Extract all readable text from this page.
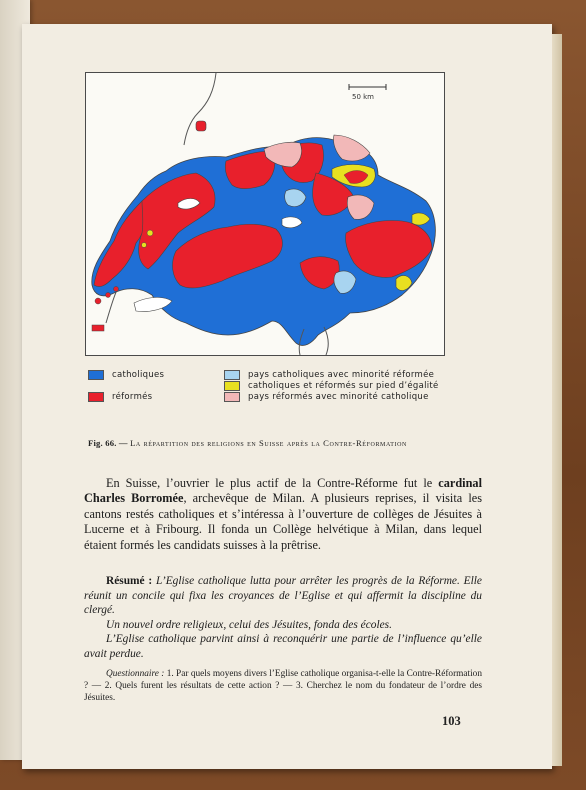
50 km
catholiques
réformés
pays catholiques avec minorité réformée
catholiques et réformés sur pied d’égalité
pays réformés avec minorité catholique
Fig. 66. — La répartition des religions en Suisse après la Contre-Réformation

En Suisse, l’ouvrier le plus actif de la Contre-Réforme fut le cardinal Charles Borromée, archevêque de Milan. A plusieurs reprises, il visita les cantons restés catholiques et s’intéressa à l’ouverture de collèges de Jésuites à Lucerne et à Fribourg. Il fonda un Collège helvétique à Milan, dans lequel étaient formés les candidats suisses à la prêtrise.

Résumé : L’Eglise catholique lutta pour arrêter les progrès de la Réforme. Elle réunit un concile qui fixa les croyances de l’Eglise et qui affermit la discipline du clergé.

Un nouvel ordre religieux, celui des Jésuites, fonda des écoles.

L’Eglise catholique parvint ainsi à reconquérir une partie de l’influence qu’elle avait perdue.

Questionnaire : 1. Par quels moyens divers l’Eglise catholique organisa-t-elle la Contre-Réformation ? — 2. Quels furent les résultats de cette action ? — 3. Cherchez le nom du fondateur de l’ordre des Jésuites.

103
